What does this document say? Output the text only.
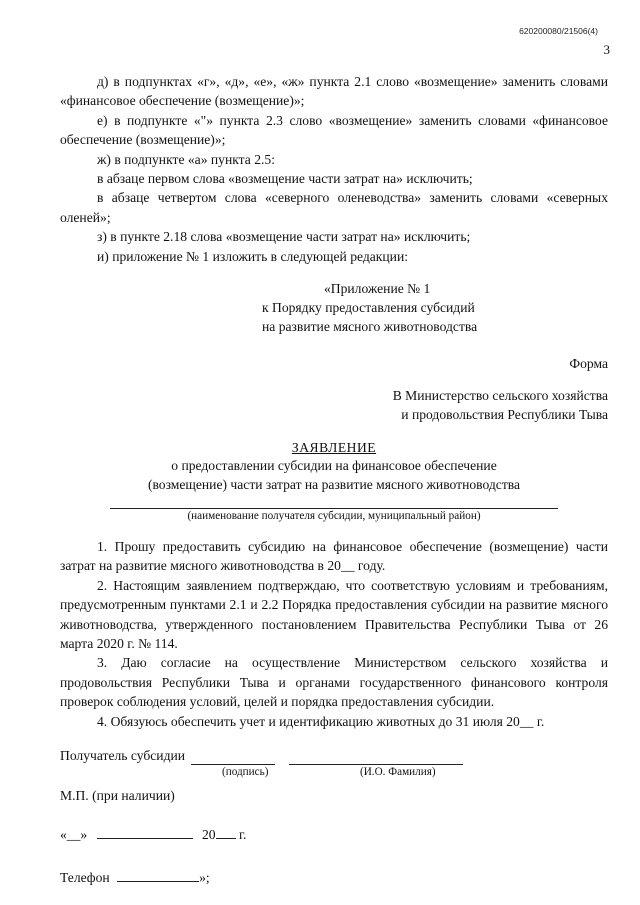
620200080/21506(4)
3

д) в подпунктах «г», «д», «е», «ж» пункта 2.1 слово «возмещение» заменить словами «финансовое обеспечение (возмещение)»;

е) в подпункте «"» пункта 2.3 слово «возмещение» заменить словами «финансовое обеспечение (возмещение)»;

ж) в подпункте «а» пункта 2.5:

в абзаце первом слова «возмещение части затрат на» исключить;

в абзаце четвертом слова «северного оленеводства» заменить словами «северных оленей»;

з) в пункте 2.18 слова «возмещение части затрат на» исключить;

и) приложение № 1 изложить в следующей редакции:

«Приложение № 1
к Порядку предоставления субсидий
на развитие мясного животноводства
Форма
В Министерство сельского хозяйства
и продовольствия Республики Тыва
ЗАЯВЛЕНИЕ
о предоставлении субсидии на финансовое обеспечение
(возмещение) части затрат на развитие мясного животноводства
(наименование получателя субсидии, муниципальный район)

1. Прошу предоставить субсидию на финансовое обеспечение (возмещение) части затрат на развитие мясного животноводства в 20__ году.

2. Настоящим заявлением подтверждаю, что соответствую условиям и требованиям, предусмотренным пунктами 2.1 и 2.2 Порядка предоставления субсидии на развитие мясного животноводства, утвержденного постановлением Правительства Республики Тыва от 26 марта 2020 г. № 114.

3. Даю согласие на осуществление Министерством сельского хозяйства и продовольствия Республики Тыва и органами государственного финансового контроля проверок соблюдения условий, целей и порядка предоставления субсидии.

4. Обязуюсь обеспечить учет и идентификацию животных до 31 июля 20__ г.

Получатель субсидии
(подпись)	(И.О. Фамилия)
М.П. (при наличии)
«__»	20 г.
Телефон	»;
